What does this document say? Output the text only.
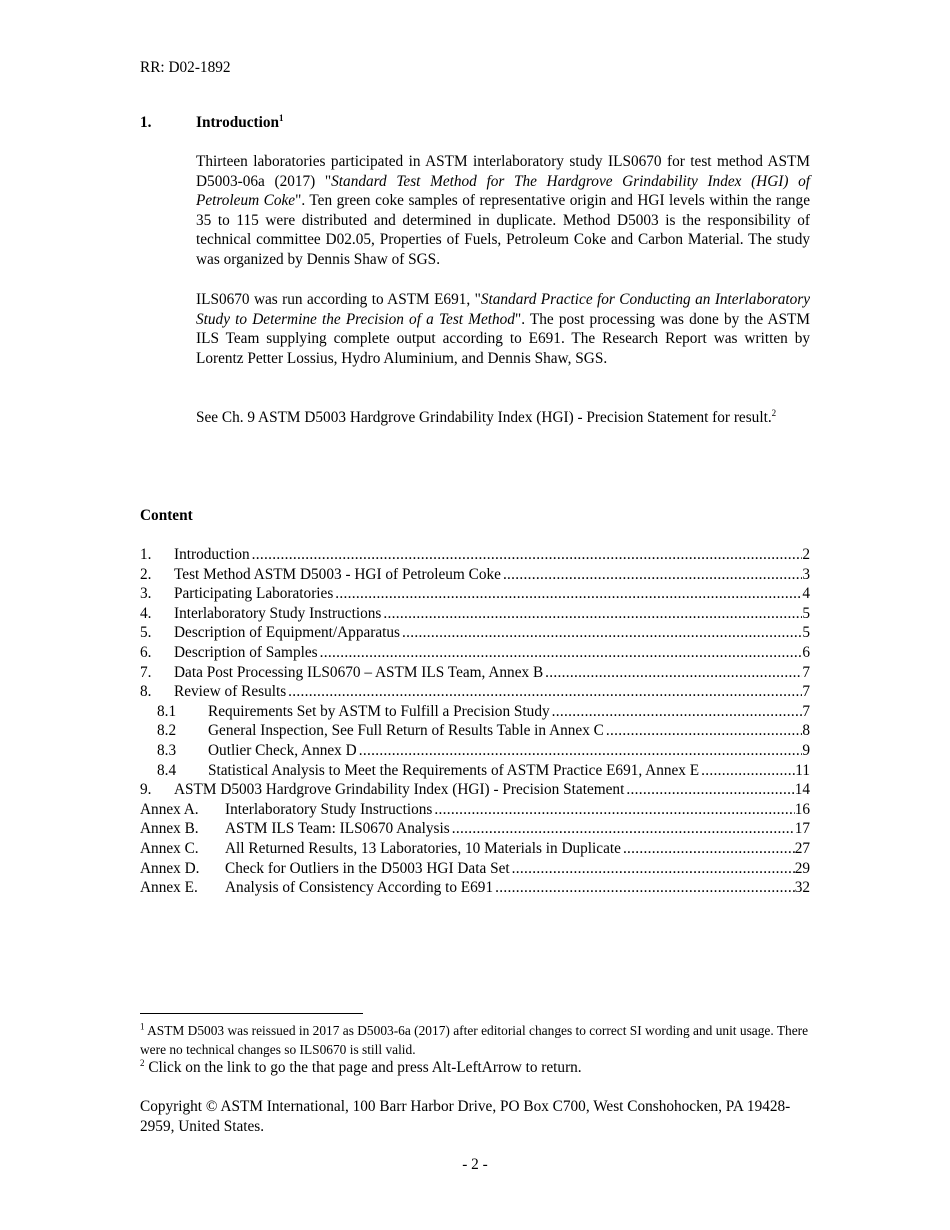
RR: D02-1892
1.	Introduction$^1$
Thirteen laboratories participated in ASTM interlaboratory study ILS0670 for test method ASTM D5003-06a (2017) "Standard Test Method for The Hardgrove Grindability Index (HGI) of Petroleum Coke". Ten green coke samples of representative origin and HGI levels within the range 35 to 115 were distributed and determined in duplicate. Method D5003 is the responsibility of technical committee D02.05, Properties of Fuels, Petroleum Coke and Carbon Material. The study was organized by Dennis Shaw of SGS.
ILS0670 was run according to ASTM E691, "Standard Practice for Conducting an Interlaboratory Study to Determine the Precision of a Test Method". The post processing was done by the ASTM ILS Team supplying complete output according to E691. The Research Report was written by Lorentz Petter Lossius, Hydro Aluminium, and Dennis Shaw, SGS.
See Ch. 9 ASTM D5003 Hardgrove Grindability Index (HGI) - Precision Statement for result.$^2$
Content
1.	Introduction .....	2
2.	Test Method ASTM D5003 - HGI of Petroleum Coke .....	3
3.	Participating Laboratories .....	4
4.	Interlaboratory Study Instructions .....	5
5.	Description of Equipment/Apparatus .....	5
6.	Description of Samples .....	6
7.	Data Post Processing ILS0670 – ASTM ILS Team, Annex B .....	7
8.	Review of Results .....	7
8.1	Requirements Set by ASTM to Fulfill a Precision Study .....	7
8.2	General Inspection, See Full Return of Results Table in Annex C .....	8
8.3	Outlier Check, Annex D .....	9
8.4	Statistical Analysis to Meet the Requirements of ASTM Practice E691, Annex E .....	11
9.	ASTM D5003 Hardgrove Grindability Index (HGI) - Precision Statement .....	14
Annex A.	Interlaboratory Study Instructions .....	16
Annex B.	ASTM ILS Team: ILS0670 Analysis .....	17
Annex C.	All Returned Results, 13 Laboratories, 10 Materials in Duplicate .....	27
Annex D.	Check for Outliers in the D5003 HGI Data Set .....	29
Annex E.	Analysis of Consistency According to E691 .....	32
$^1$ ASTM D5003 was reissued in 2017 as D5003-6a (2017) after editorial changes to correct SI wording and unit usage. There were no technical changes so ILS0670 is still valid.
$^2$ Click on the link to go the that page and press Alt-LeftArrow to return.
Copyright © ASTM International, 100 Barr Harbor Drive, PO Box C700, West Conshohocken, PA 19428-2959, United States.
- 2 -
